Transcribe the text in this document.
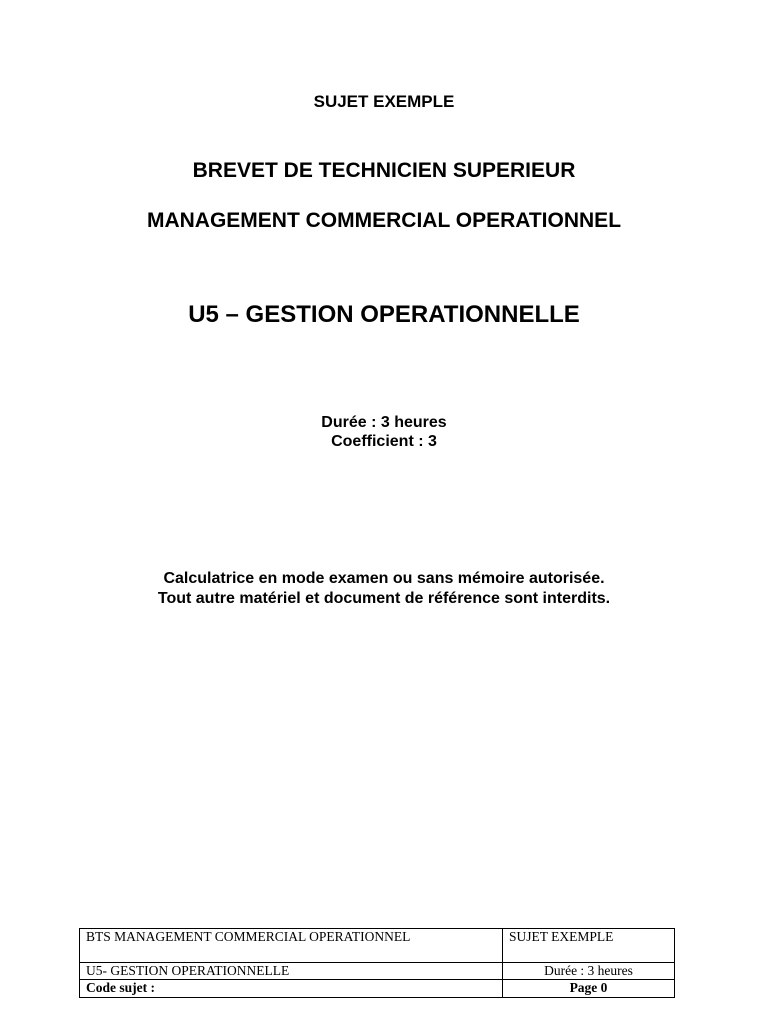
SUJET EXEMPLE
BREVET DE TECHNICIEN SUPERIEUR
MANAGEMENT COMMERCIAL OPERATIONNEL
U5 – GESTION OPERATIONNELLE
Durée : 3 heures
Coefficient : 3
Calculatrice en mode examen ou sans mémoire autorisée.
Tout autre matériel et document de référence sont interdits.
BTS MANAGEMENT COMMERCIAL OPERATIONNEL	SUJET EXEMPLE
U5- GESTION OPERATIONNELLE	Durée : 3 heures
Code sujet :	Page 0
